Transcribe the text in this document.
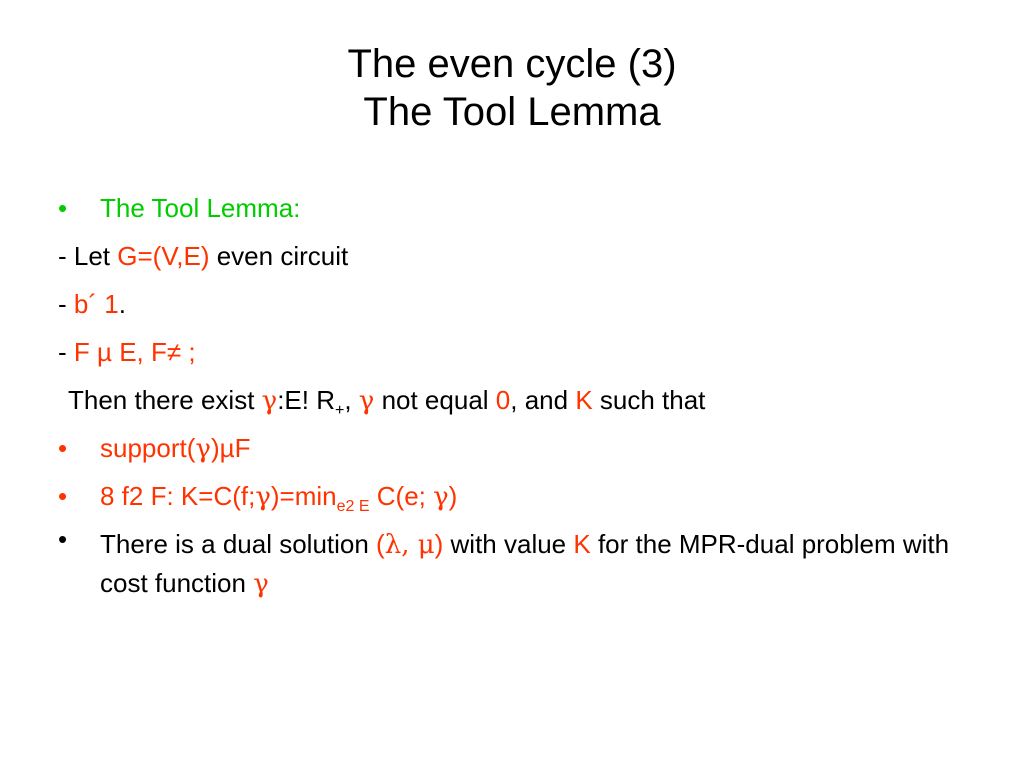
The even cycle (3)
The Tool Lemma
•	The Tool Lemma:
- Let G=(V,E) even circuit
- b´ 1.
- F µ E, F≠ ;
Then there exist γ:E! $R_+$, γ not equal 0, and K such that
•	support(γ)µF
•	8 f2 F: $K=C(f;\gamma)=\min_{e2 E}$ C(e; γ)
•	There is a dual solution (λ, μ) with value K for the MPR-dual problem with cost function γ
